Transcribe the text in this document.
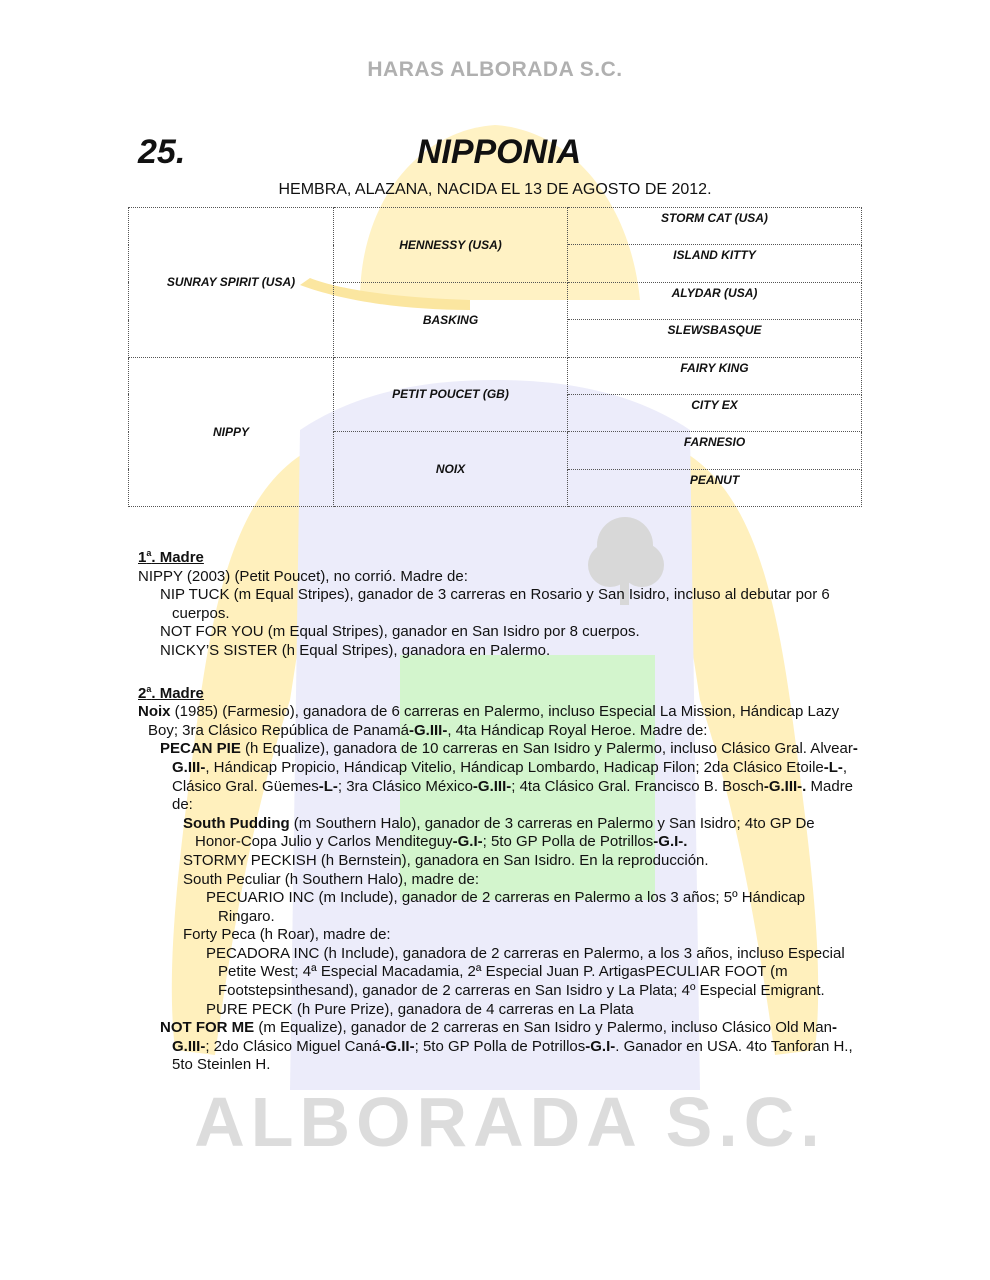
HARAS ALBORADA S.C.
25.	NIPPONIA
HEMBRA, ALAZANA, NACIDA EL 13 DE AGOSTO DE 2012.
SUNRAY SPIRIT (USA)	HENNESSY (USA)	STORM CAT (USA)
		ISLAND KITTY
	BASKING	ALYDAR (USA)
		SLEWSBASQUE
NIPPY	PETIT POUCET (GB)	FAIRY KING
		CITY EX
	NOIX	FARNESIO
		PEANUT

1$^a$. Madre

NIPPY (2003) (Petit Poucet), no corrió. Madre de:

NIP TUCK (m Equal Stripes), ganador de 3 carreras en Rosario y San Isidro, incluso al debutar por 6 cuerpos.

NOT FOR YOU (m Equal Stripes), ganador en San Isidro por 8 cuerpos.

NICKY’S SISTER (h Equal Stripes), ganadora en Palermo.

2$^a$. Madre

Noix (1985) (Farmesio), ganadora de 6 carreras en Palermo, incluso Especial La Mission, Hándicap Lazy Boy; 3ra Clásico República de Panamá-G.III-, 4ta Hándicap Royal Heroe. Madre de:

PECAN PIE (h Equalize), ganadora de 10 carreras en San Isidro y Palermo, incluso Clásico Gral. Alvear-G.III-, Hándicap Propicio, Hándicap Vitelio, Hándicap Lombardo, Hadicap Filon; 2da Clásico Etoile-L-, Clásico Gral. Güemes-L-; 3ra Clásico México-G.III-; 4ta Clásico Gral. Francisco B. Bosch-G.III-. Madre de:

South Pudding (m Southern Halo), ganador de 3 carreras en Palermo y San Isidro; 4to GP De Honor-Copa Julio y Carlos Menditeguy-G.I-; 5to GP Polla de Potrillos-G.I-.

STORMY PECKISH (h Bernstein), ganadora en San Isidro. En la reproducción.

South Peculiar (h Southern Halo), madre de:

PECUARIO INC (m Include), ganador de 2 carreras en Palermo a los 3 años; 5º Hándicap Ringaro.

Forty Peca (h Roar), madre de:

PECADORA INC (h Include), ganadora de 2 carreras en Palermo, a los 3 años, incluso Especial Petite West; 4ª Especial Macadamia, 2ª Especial Juan P. ArtigasPECULIAR FOOT (m Footstepsinthesand), ganador de 2 carreras en San Isidro y La Plata; 4º Especial Emigrant.

PURE PECK (h Pure Prize), ganadora de 4 carreras en La Plata

NOT FOR ME (m Equalize), ganador de 2 carreras en San Isidro y Palermo, incluso Clásico Old Man-G.III-; 2do Clásico Miguel Caná-G.II-; 5to GP Polla de Potrillos-G.I-. Ganador en USA. 4to Tanforan H., 5to Steinlen H.

ALBORADA S.C.
